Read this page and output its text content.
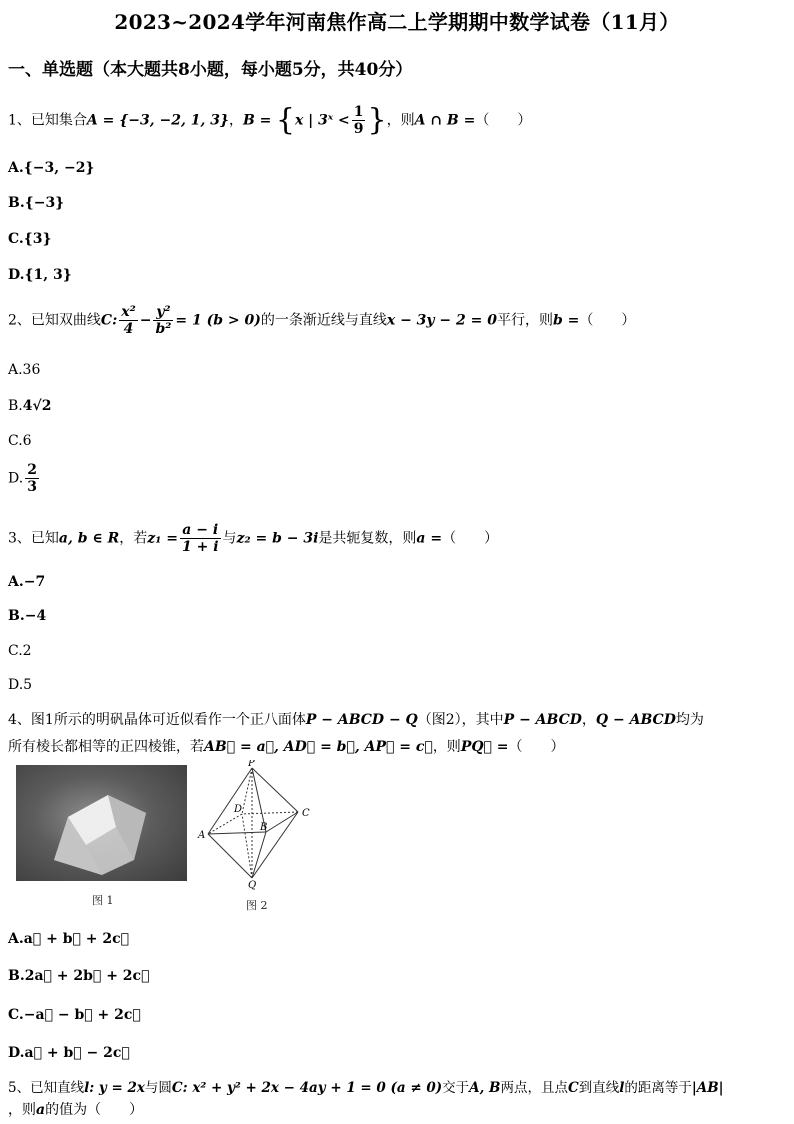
2023~2024学年河南焦作高二上学期期中数学试卷（11月）
一、单选题（本大题共8小题，每小题5分，共40分）
1、已知集合A = {−3, −2, 1, 3}，B = {x | 3ˣ < $\frac{1}{9}$ }，则A ∩ B =（　　）
A.{−3, −2}
B.{−3}
C.{3}
D.{1, 3}
2、已知双曲线C: $\frac{\text{x²}}{4} - \frac{\text{y²}}{\text{b²}} = 1$ (b > 0)的一条渐近线与直线x − 3y − 2 = 0平行，则b =（　　）
A.36
B.4√2
C.6
D. $\frac{2}{3}$
3、已知a, b ∈ R，若$z_1 = \frac{a - i}{1 + i}$ 与z₂ = b − 3i是共轭复数，则a =（　　）
A.−7
B.−4
C.2
D.5
4、图1所示的明矾晶体可近似看作一个正八面体P − ABCD − Q（图2），其中P − ABCD，Q − ABCD均为
所有棱长都相等的正四棱锥，若AB⃗ = a⃗, AD⃗ = b⃗, AP⃗ = c⃗，则PQ⃗ =（　　）
图 1
P
A
B
C
D
Q
图 2
A.a⃗ + b⃗ + 2c⃗
B.2a⃗ + 2b⃗ + 2c⃗
C.−a⃗ − b⃗ + 2c⃗
D.a⃗ + b⃗ − 2c⃗
5、已知直线l: y = 2x与圆C: x² + y² + 2x − 4ay + 1 = 0 (a ≠ 0)交于A, B两点，且点C到直线l的距离等于|AB|
，则a的值为（　　）
